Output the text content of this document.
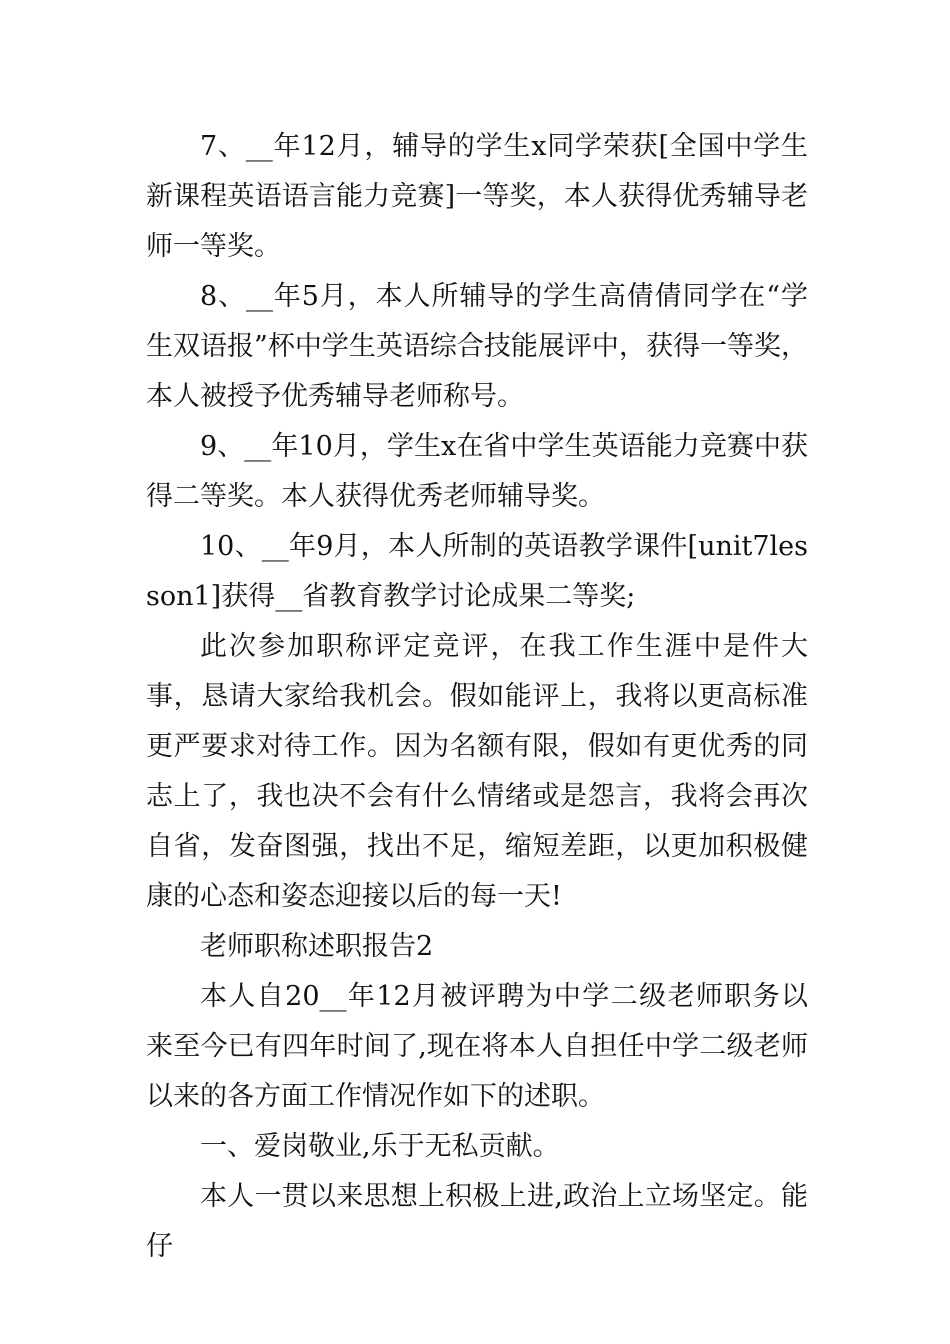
7、__年12月，辅导的学生x同学荣获[全国中学生新课程英语语言能力竞赛]一等奖，本人获得优秀辅导老师一等奖。

8、__年5月，本人所辅导的学生高倩倩同学在“学生双语报”杯中学生英语综合技能展评中，获得一等奖，本人被授予优秀辅导老师称号。

9、__年10月，学生x在省中学生英语能力竞赛中获得二等奖。本人获得优秀老师辅导奖。

10、__年9月，本人所制的英语教学课件[unit7lesson1]获得__省教育教学讨论成果二等奖;

此次参加职称评定竞评，在我工作生涯中是件大事，恳请大家给我机会。假如能评上，我将以更高标准更严要求对待工作。因为名额有限，假如有更优秀的同志上了，我也决不会有什么情绪或是怨言，我将会再次自省，发奋图强，找出不足，缩短差距，以更加积极健康的心态和姿态迎接以后的每一天!

老师职称述职报告2

本人自20__年12月被评聘为中学二级老师职务以来至今已有四年时间了,现在将本人自担任中学二级老师以来的各方面工作情况作如下的述职。

一、爱岗敬业,乐于无私贡献。

本人一贯以来思想上积极上进,政治上立场坚定。能仔
